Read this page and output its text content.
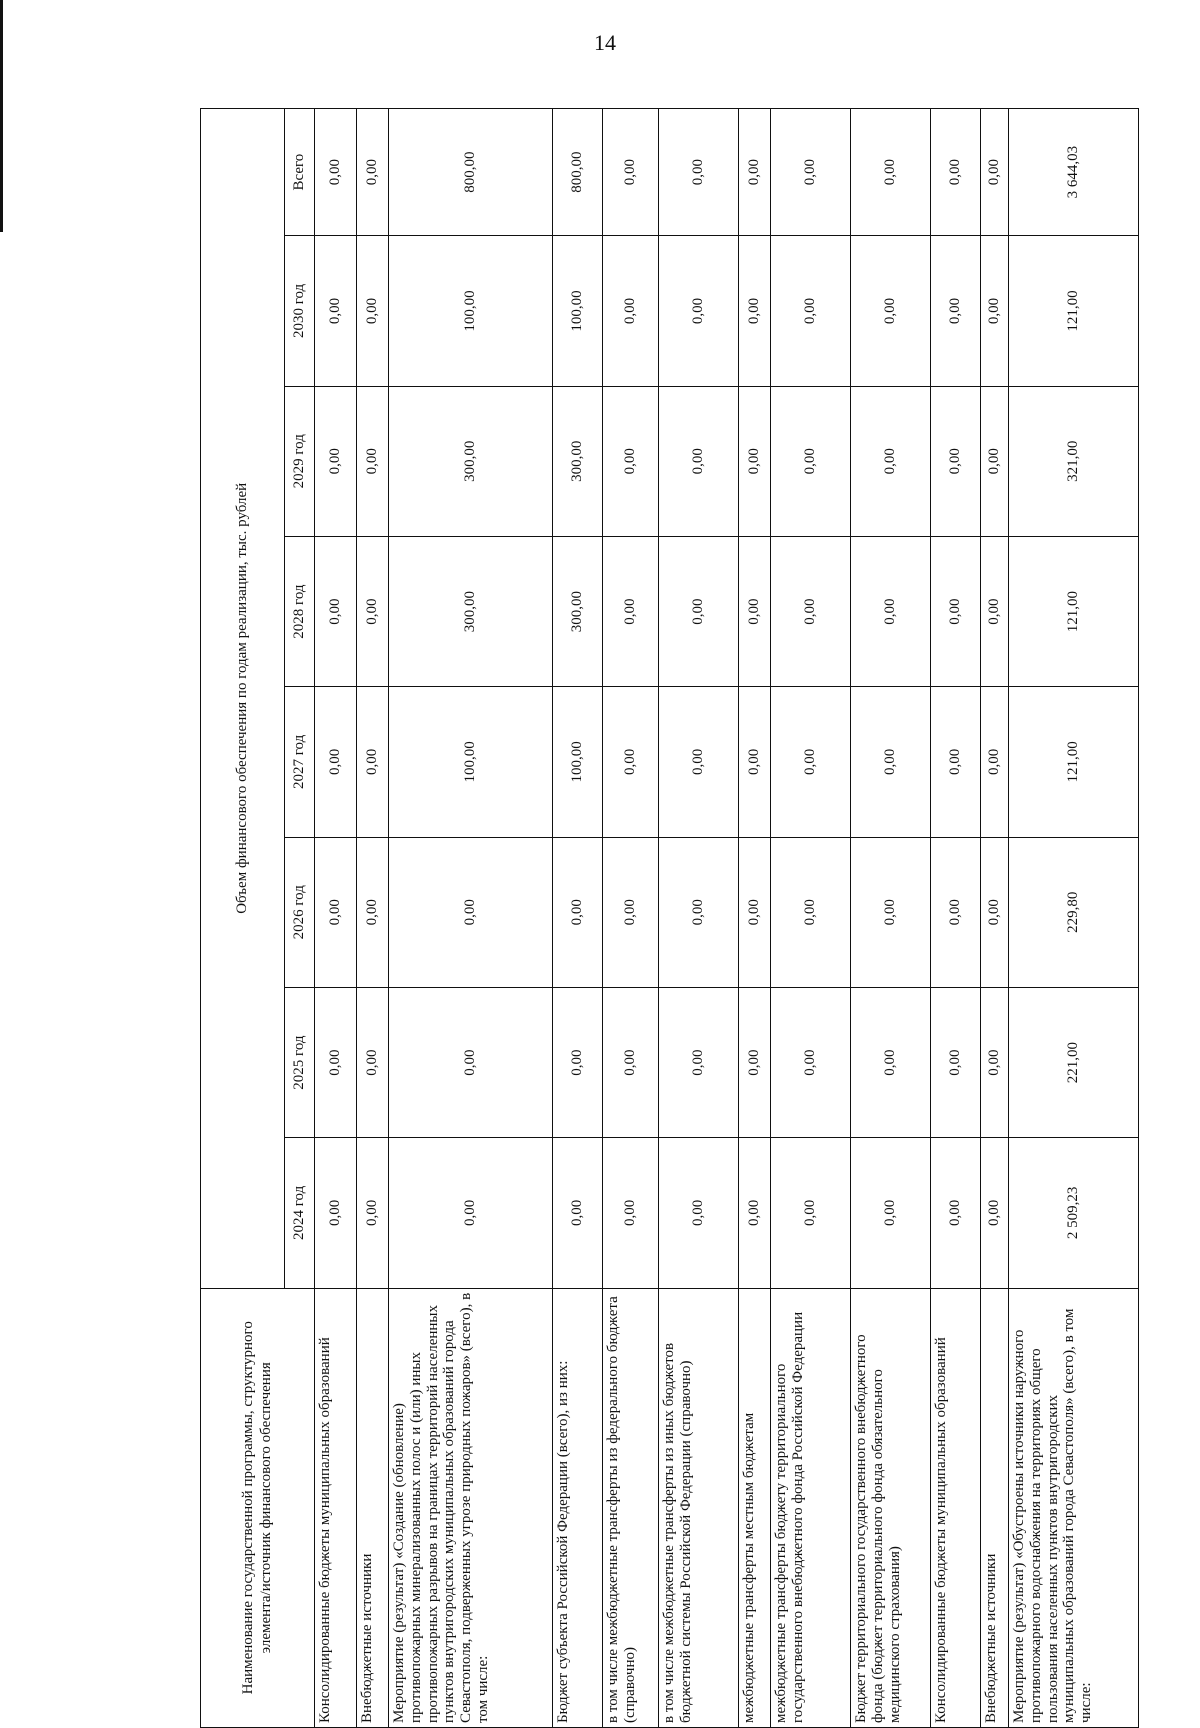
14
Наименование государственной программы, структурного элемента/источник финансового обеспечения	Объем финансового обеспечения по годам реализации, тыс. рублей							
	2024 год	2025 год	2026 год	2027 год	2028 год	2029 год	2030 год	Всего
Консолидированные бюджеты муниципальных образований	0,00	0,00	0,00	0,00	0,00	0,00	0,00	0,00
Внебюджетные источники	0,00	0,00	0,00	0,00	0,00	0,00	0,00	0,00
Мероприятие (результат) «Создание (обновление) противопожарных минерализованных полос и (или) иных противопожарных разрывов на границах территорий населенных пунктов внутригородских муниципальных образований города Севастополя, подверженных угрозе природных пожаров» (всего), в том числе:	0,00	0,00	0,00	100,00	300,00	300,00	100,00	800,00
Бюджет субъекта Российской Федерации (всего), из них:	0,00	0,00	0,00	100,00	300,00	300,00	100,00	800,00
в том числе межбюджетные трансферты из федерального бюджета (справочно)	0,00	0,00	0,00	0,00	0,00	0,00	0,00	0,00
в том числе межбюджетные трансферты из иных бюджетов бюджетной системы Российской Федерации (справочно)	0,00	0,00	0,00	0,00	0,00	0,00	0,00	0,00
межбюджетные трансферты местным бюджетам	0,00	0,00	0,00	0,00	0,00	0,00	0,00	0,00
межбюджетные трансферты бюджету территориального государственного внебюджетного фонда Российской Федерации	0,00	0,00	0,00	0,00	0,00	0,00	0,00	0,00
Бюджет территориального государственного внебюджетного фонда (бюджет территориального фонда обязательного медицинского страхования)	0,00	0,00	0,00	0,00	0,00	0,00	0,00	0,00
Консолидированные бюджеты муниципальных образований	0,00	0,00	0,00	0,00	0,00	0,00	0,00	0,00
Внебюджетные источники	0,00	0,00	0,00	0,00	0,00	0,00	0,00	0,00
Мероприятие (результат) «Обустроены источники наружного противопожарного водоснабжения на территориях общего пользования населенных пунктов внутригородских муниципальных образований города Севастополя» (всего), в том числе:	2 509,23	221,00	229,80	121,00	121,00	321,00	121,00	3 644,03
